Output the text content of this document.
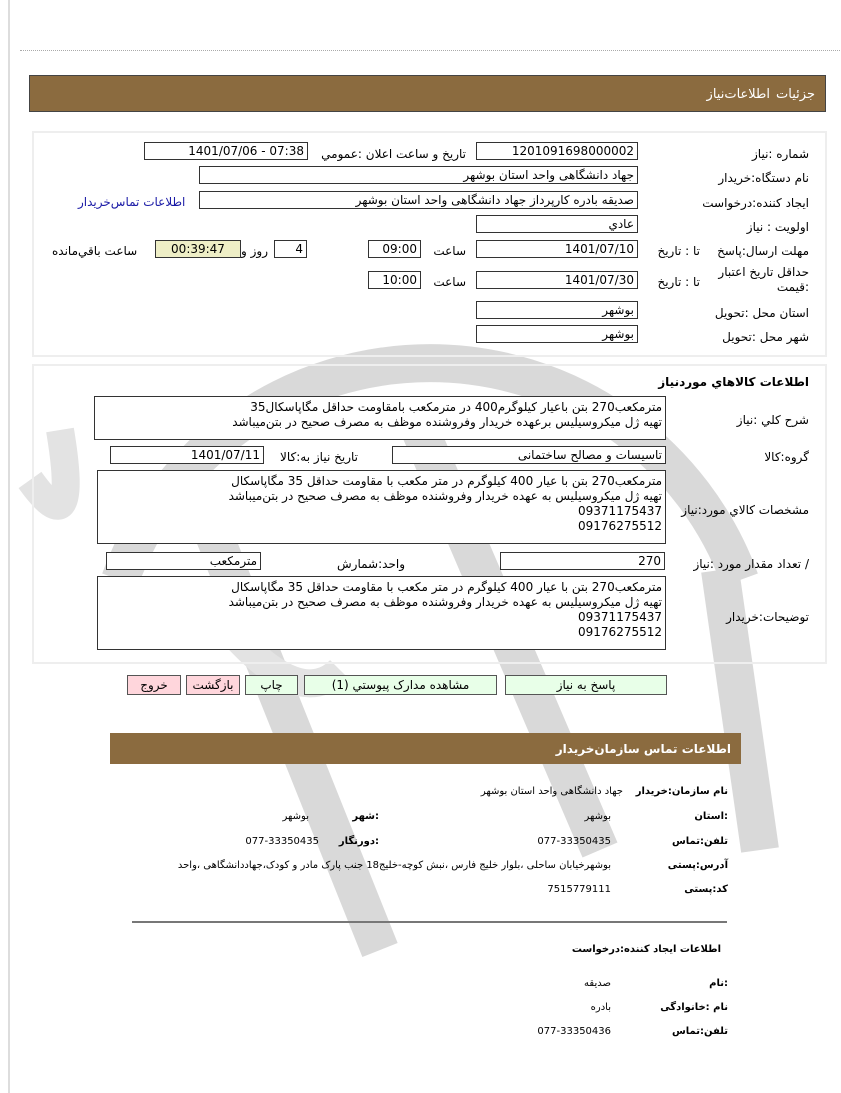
جزئیات
اطلاعات‌نیاز
شماره :نیاز
1201091698000002
تاریخ و ساعت اعلان :عمومي
1401/07/06 - 07:38
نام دستگاه:خریدار
جهاد دانشگاهی واحد استان بوشهر
ایجاد کننده:درخواست
صدیقه بادره کارپرداز جهاد دانشگاهی واحد استان بوشهر
اطلاعات تماس‌خریدار
اولویت : نیاز
عادي
مهلت ارسال:پاسخ
تا : تاریخ
1401/07/10
ساعت
09:00
4
روز و
00:39:47
ساعت باقي‌مانده
حداقل تاریخ اعتبار
:قیمت
تا : تاریخ
1401/07/30
ساعت
10:00
استان محل :تحویل
بوشهر
شهر محل :تحویل
بوشهر
اطلاعات کالاهاي موردنیاز
شرح کلي :نیاز
مترمکعب270 بتن باعیار کیلوگرم400 در مترمکعب بامقاومت حداقل مگاپاسکال35
تهیه ژل میکروسیلیس برعهده خریدار وفروشنده موظف به مصرف صحیح در بتن‌میباشد
گروه:کالا
تاسیسات و مصالح ساختمانی
تاریخ نیاز به:کالا
1401/07/11
مشخصات کالاي مورد:نیاز
مترمکعب270 بتن با عیار 400 کیلوگرم در متر مکعب با مقاومت حداقل 35 مگاپاسکال
تهیه ژل میکروسیلیس به عهده خریدار وفروشنده موظف به مصرف صحیح در بتن‌میباشد
09371175437
09176275512
/ تعداد مقدار مورد :نیاز
270
واحد:شمارش
مترمکعب
توضیحات:خریدار
مترمکعب270 بتن با عیار 400 کیلوگرم در متر مکعب با مقاومت حداقل 35 مگاپاسکال
تهیه ژل میکروسیلیس به عهده خریدار وفروشنده موظف به مصرف صحیح در بتن‌میباشد
09371175437
09176275512
پاسخ به نیاز
مشاهده مدارک پیوستي (1)
چاپ
بازگشت
خروج
اطلاعات تماس سازمان‌خریدار
نام سازمان:خریدار
جهاد دانشگاهی واحد استان بوشهر
:استان
بوشهر
:شهر
بوشهر
تلفن:تماس
077-33350435
:دورنگار
077-33350435
آدرس:پستی
بوشهرخیابان ساحلی ،بلوار خلیج فارس ،نبش کوچه-خلیج18 جنب پارک مادر و کودک،جهاددانشگاهی ،واحد
کد:پستی
7515779111
اطلاعات ایجاد کننده:درخواست
:نام
صدیقه
نام :خانوادگی
بادره
تلفن:تماس
077-33350436
